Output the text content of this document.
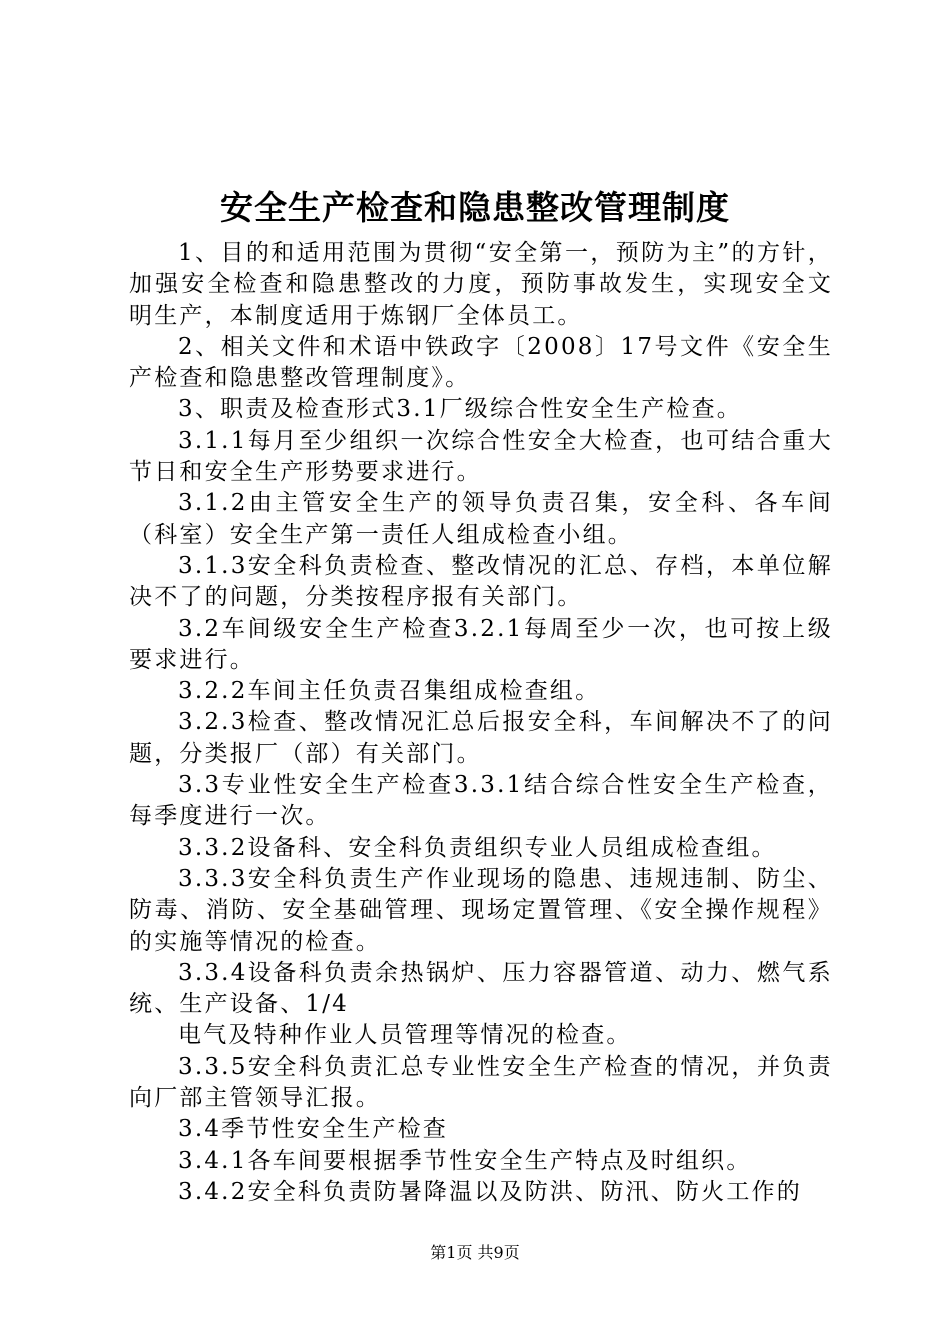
安全生产检查和隐患整改管理制度

1、目的和适用范围为贯彻“安全第一，预防为主”的方针，加强安全检查和隐患整改的力度，预防事故发生，实现安全文明生产，本制度适用于炼钢厂全体员工。

2、相关文件和术语中铁政字〔2008〕17号文件《安全生产检查和隐患整改管理制度》。

3、职责及检查形式3.1厂级综合性安全生产检查。

3.1.1每月至少组织一次综合性安全大检查，也可结合重大节日和安全生产形势要求进行。

3.1.2由主管安全生产的领导负责召集，安全科、各车间（科室）安全生产第一责任人组成检查小组。

3.1.3安全科负责检查、整改情况的汇总、存档，本单位解决不了的问题，分类按程序报有关部门。

3.2车间级安全生产检查3.2.1每周至少一次，也可按上级要求进行。

3.2.2车间主任负责召集组成检查组。

3.2.3检查、整改情况汇总后报安全科，车间解决不了的问题，分类报厂（部）有关部门。

3.3专业性安全生产检查3.3.1结合综合性安全生产检查，每季度进行一次。

3.3.2设备科、安全科负责组织专业人员组成检查组。

3.3.3安全科负责生产作业现场的隐患、违规违制、防尘、防毒、消防、安全基础管理、现场定置管理、《安全操作规程》的实施等情况的检查。

3.3.4设备科负责余热锅炉、压力容器管道、动力、燃气系统、生产设备、1/4

电气及特种作业人员管理等情况的检查。

3.3.5安全科负责汇总专业性安全生产检查的情况，并负责向厂部主管领导汇报。

3.4季节性安全生产检查

3.4.1各车间要根据季节性安全生产特点及时组织。

3.4.2安全科负责防暑降温以及防洪、防汛、防火工作的

第1页 共9页
